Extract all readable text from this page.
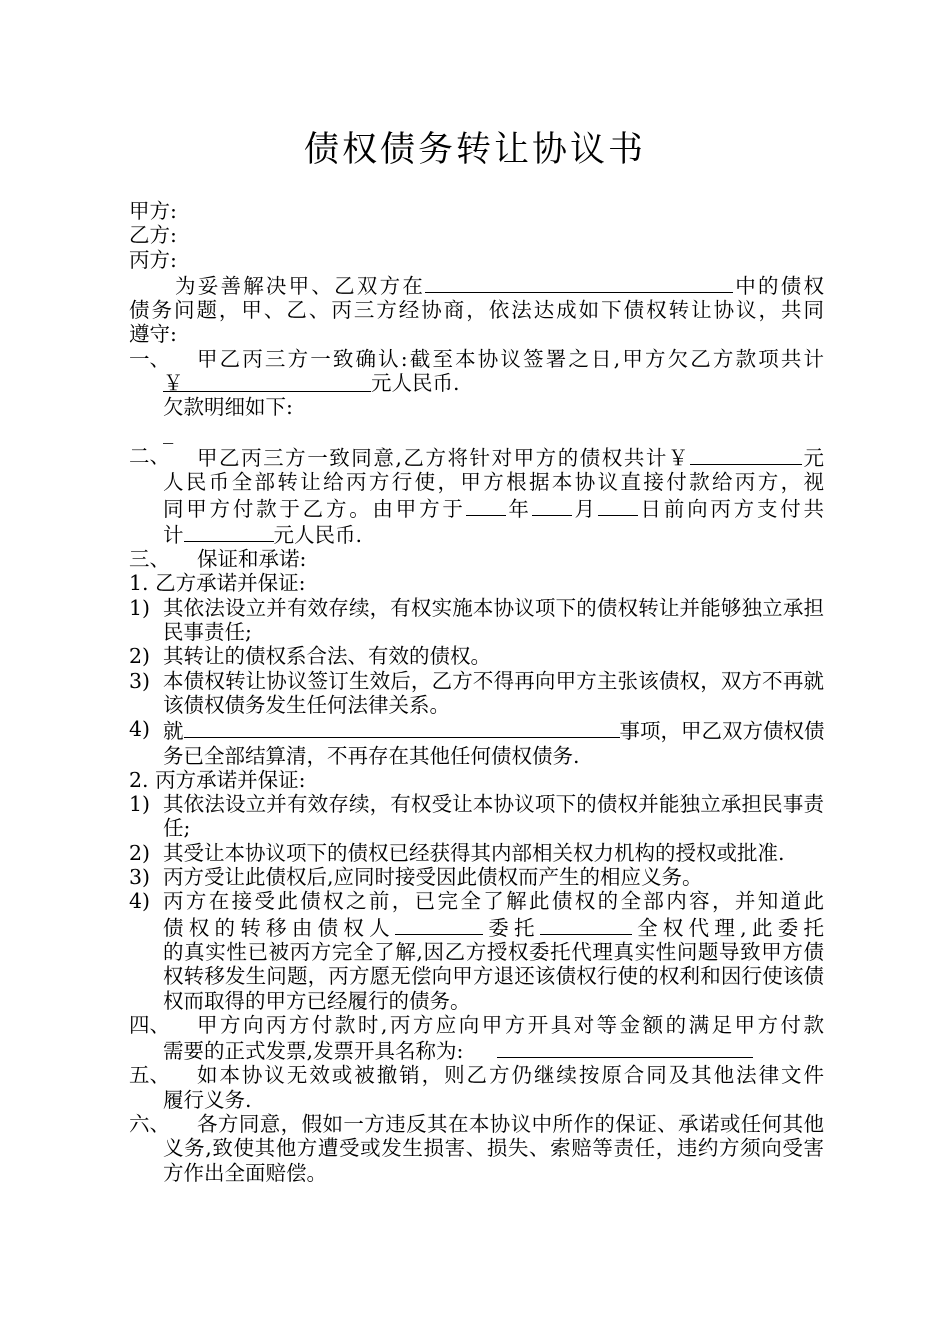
债权债务转让协议书
甲方:
乙方:
丙方:
为妥善解决甲、乙双方在	中的债权
债务问题，甲、乙、丙三方经协商，依法达成如下债权转让协议，共同
遵守:
一、	甲乙丙三方一致确认:截至本协议签署之日,甲方欠乙方款项共计
￥	元人民币.
欠款明细如下:
_
二、	甲乙丙三方一致同意,乙方将针对甲方的债权共计￥	元
人民币全部转让给丙方行使，甲方根据本协议直接付款给丙方，视
同甲方付款于乙方。由甲方于 年 月 日前向丙方支付共
计	元人民币.
三、 保证和承诺:
1. 乙方承诺并保证:
1) 其依法设立并有效存续，有权实施本协议项下的债权转让并能够独立承担民事责任;
2) 其转让的债权系合法、有效的债权。
3) 本债权转让协议签订生效后，乙方不得再向甲方主张该债权，双方不再就该债权债务发生任何法律关系。
4) 就	事项，甲乙双方债权债
务已全部结算清，不再存在其他任何债权债务.
2. 丙方承诺并保证:
1) 其依法设立并有效存续，有权受让本协议项下的债权并能独立承担民事责任;
2) 其受让本协议项下的债权已经获得其内部相关权力机构的授权或批准.
3) 丙方受让此债权后,应同时接受因此债权而产生的相应义务。
4) 丙方在接受此债权之前，已完全了解此债权的全部内容，并知道此
债权的转移由债权人	委托	全权代理,此委托
的真实性已被丙方完全了解,因乙方授权委托代理真实性问题导致甲方债权转移发生问题，丙方愿无偿向甲方退还该债权行使的权利和因行使该债权而取得的甲方已经履行的债务。
四、	甲方向丙方付款时,丙方应向甲方开具对等金额的满足甲方付款
需要的正式发票,发票开具名称为:
五、	如本协议无效或被撤销，则乙方仍继续按原合同及其他法律文件
履行义务.
六、	各方同意，假如一方违反其在本协议中所作的保证、承诺或任何其他义务,致使其他方遭受或发生损害、损失、索赔等责任，违约方须向受害方作出全面赔偿。
